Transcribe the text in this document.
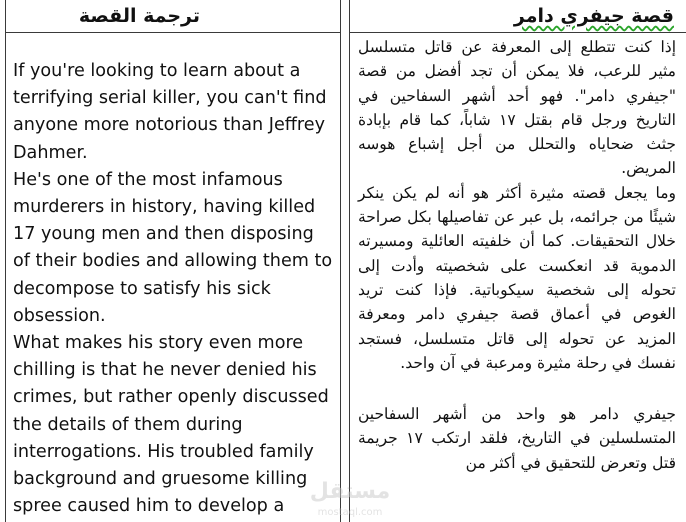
ترجمة القصة

If you're looking to learn about a terrifying serial killer, you can't find anyone more notorious than Jeffrey Dahmer.

He's one of the most infamous murderers in history, having killed 17 young men and then disposing of their bodies and allowing them to decompose to satisfy his sick obsession.

What makes his story even more chilling is that he never denied his crimes, but rather openly discussed the details of them during interrogations. His troubled family background and gruesome killing spree caused him to develop a

قصة جيفري دامر

إذا كنت تتطلع إلى المعرفة عن قاتل متسلسل مثير للرعب، فلا يمكن أن تجد أفضل من قصة "جيفري دامر". فهو أحد أشهر السفاحين في التاريخ ورجل قام بقتل ١٧ شاباً، كما قام بإبادة جثث ضحاياه والتحلل من أجل إشباع هوسه المريض.

وما يجعل قصته مثيرة أكثر هو أنه لم يكن ينكر شيئًا من جرائمه، بل عبر عن تفاصيلها بكل صراحة خلال التحقيقات. كما أن خلفيته العائلية ومسيرته الدموية قد انعكست على شخصيته وأدت إلى تحوله إلى شخصية سيكوباتية. فإذا كنت تريد الغوص في أعماق قصة جيفري دامر ومعرفة المزيد عن تحوله إلى قاتل متسلسل، فستجد نفسك في رحلة مثيرة ومرعبة في آن واحد.

جيفري دامر هو واحد من أشهر السفاحين المتسلسلين في التاريخ، فلقد ارتكب ١٧ جريمة قتل وتعرض للتحقيق في أكثر من

مستقل
mostaql.com
